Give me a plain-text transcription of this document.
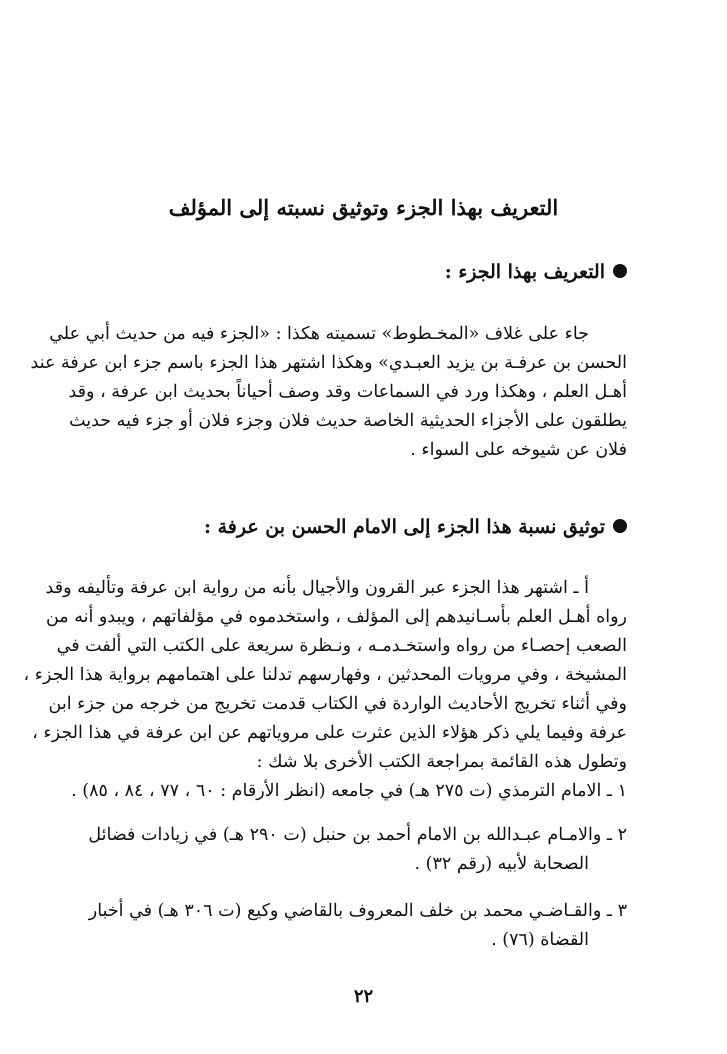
التعريف بهذا الجزء وتوثيق نسبته إلى المؤلف
التعريف بهذا الجزء :
جاء على غلاف «المخـطوط» تسميته هكذا : «الجزء فيه من حديث أبي علي
الحسن بن عرفـة بن يزيد العبـدي» وهكذا اشتهر هذا الجزء باسم جزء ابن عرفة عند
أهـل العلم ، وهكذا ورد في السماعات وقد وصف أحياناً بحديث ابن عرفة ، وقد
يطلقون على الأجزاء الحديثية الخاصة حديث فلان وجزء فلان أو جزء فيه حديث
فلان عن شيوخه على السواء .
توثيق نسبة هذا الجزء إلى الامام الحسن بن عرفة :
أ ـ اشتهر هذا الجزء عبر القرون والأجيال بأنه من رواية ابن عرفة وتأليفه وقد
رواه أهـل العلم بأسـانيدهم إلى المؤلف ، واستخدموه في مؤلفاتهم ، ويبدو أنه من
الصعب إحصـاء من رواه واستخـدمـه ، ونـظرة سريعة على الكتب التي ألفت في
المشيخة ، وفي مرويات المحدثين ، وفهارسهم تدلنا على اهتمامهم برواية هذا الجزء ،
وفي أثناء تخريج الأحاديث الواردة في الكتاب قدمت تخريج من خرجه من جزء ابن
عرفة وفيما يلي ذكر هؤلاء الذين عثرت على مروياتهم عن ابن عرفة في هذا الجزء ،
وتطول هذه القائمة بمراجعة الكتب الأخرى بلا شك :
١ ـ الامام الترمذي (ت ٢٧٥ هـ) في جامعه (انظر الأرقام : ٦٠ ، ٧٧ ، ٨٤ ، ٨٥) .
٢ ـ والامـام عبـدالله بن الامام أحمد بن حنبل (ت ٢٩٠ هـ) في زيادات فضائل
الصحابة لأبيه (رقم ٣٢) .
٣ ـ والقـاضـي محمد بن خلف المعروف بالقاضي وكيع (ت ٣٠٦ هـ) في أخبار
القضاة (٧٦) .
٢٢
